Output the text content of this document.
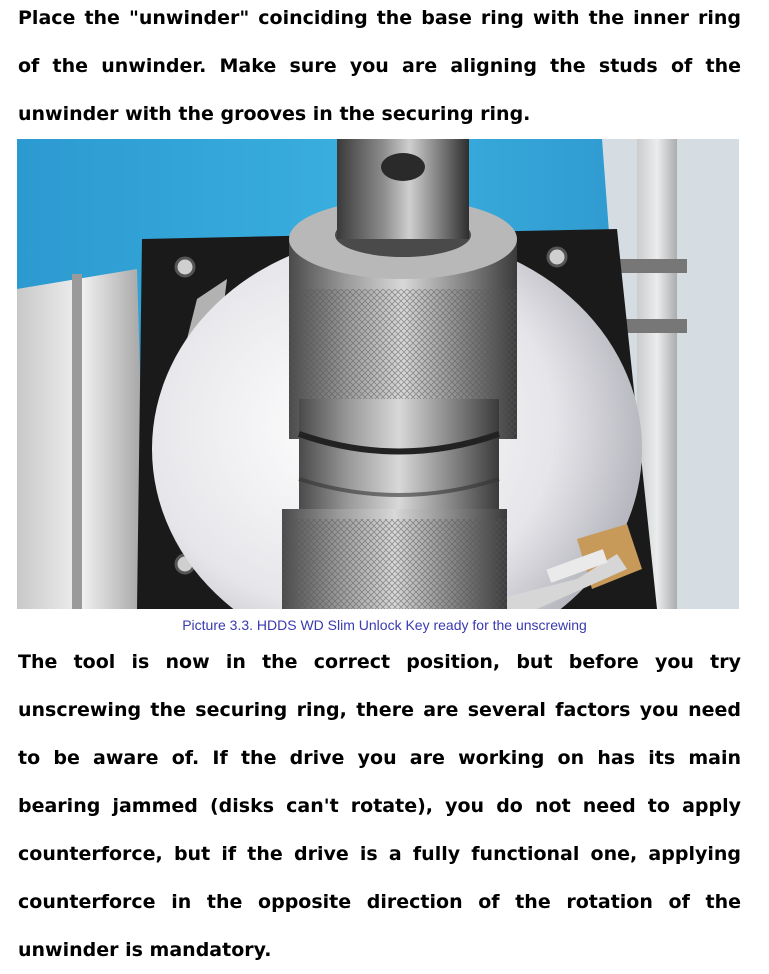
Place the "unwinder" coinciding the base ring with the inner ring of the unwinder. Make sure you are aligning the studs of the unwinder with the grooves in the securing ring.

Picture 3.3. HDDS WD Slim Unlock Key ready for the unscrewing

The tool is now in the correct position, but before you try unscrewing the securing ring, there are several factors you need to be aware of. If the drive you are working on has its main bearing jammed (disks can't rotate), you do not need to apply counterforce, but if the drive is a fully functional one, applying counterforce in the opposite direction of the rotation of the unwinder is mandatory.
